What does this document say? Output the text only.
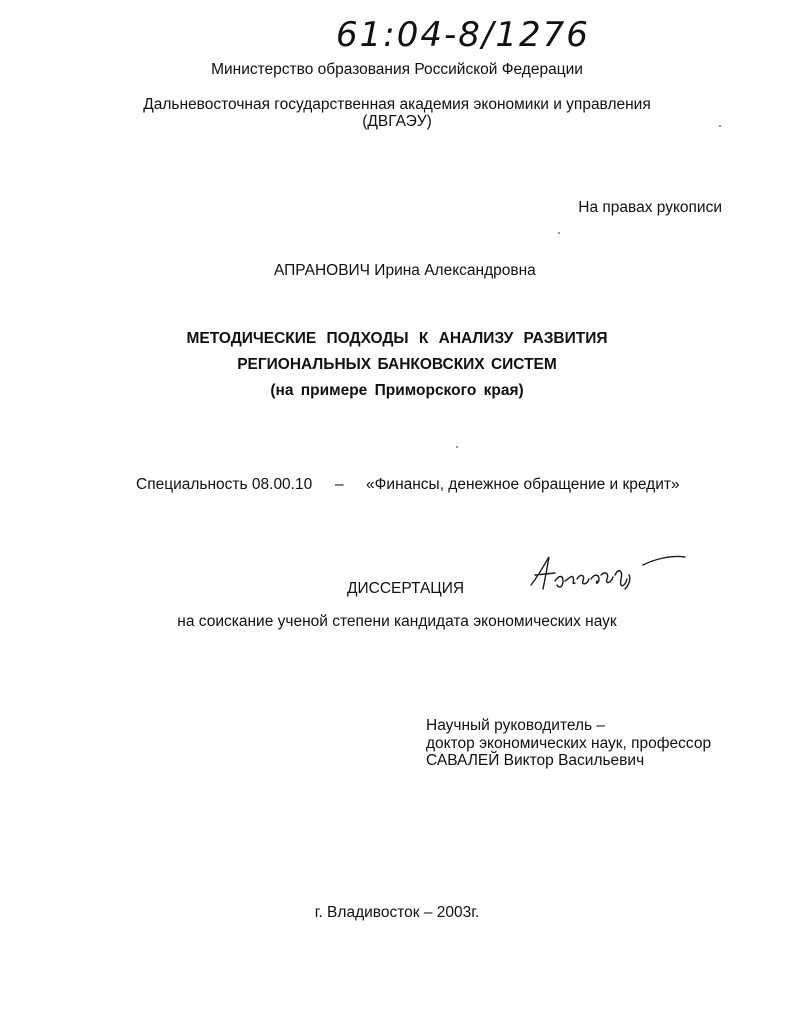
61:04-8/1276
Министерство образования Российской Федерации
Дальневосточная государственная академия экономики и управления
(ДВГАЭУ)
На правах рукописи
АПРАНОВИЧ Ирина Александровна
МЕТОДИЧЕСКИЕ ПОДХОДЫ К АНАЛИЗУ РАЗВИТИЯ
РЕГИОНАЛЬНЫХ БАНКОВСКИХ СИСТЕМ
(на примере Приморского края)
Специальность 08.00.10 – «Финансы, денежное обращение и кредит»
ДИССЕРТАЦИЯ
на соискание ученой степени кандидата экономических наук
Научный руководитель –
доктор экономических наук, профессор
САВАЛЕЙ Виктор Васильевич
г. Владивосток – 2003г.
